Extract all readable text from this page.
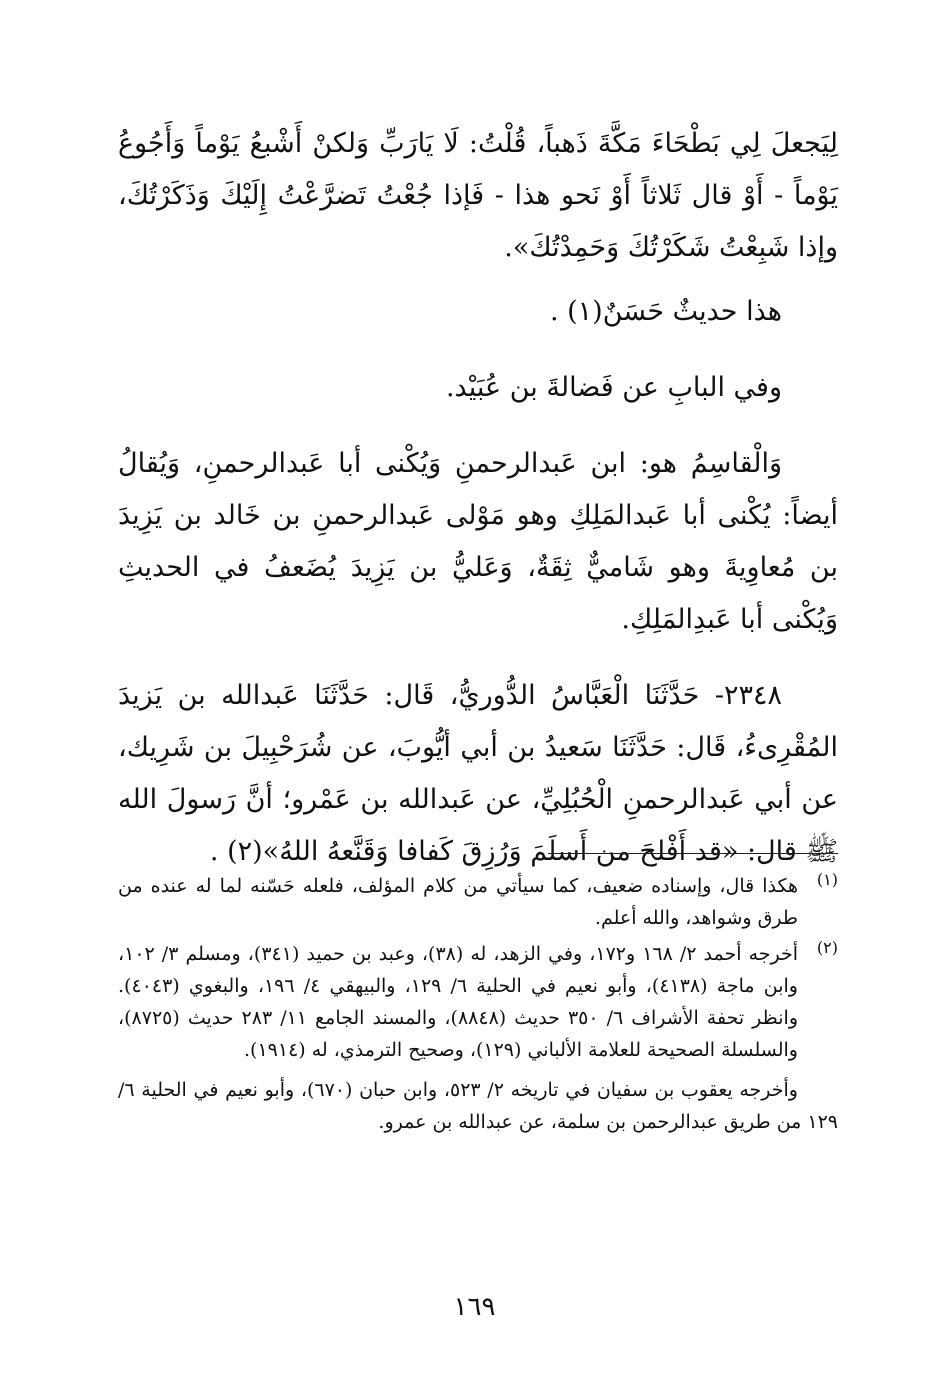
لِيَجعلَ لِي بَطْحَاءَ مَكَّةَ ذَهباً، قُلْتُ: لَا يَارَبِّ وَلكنْ أَشْبعُ يَوْماً وَأَجُوعُ يَوْماً - أَوْ قال ثَلاثاً أَوْ نَحو هذا - فَإذا جُعْتُ تَضرَّعْتُ إِلَيْكَ وَذَكَرْتُكَ، وإذا شَبِعْتُ شَكَرْتُكَ وَحَمِدْتُكَ».

هذا حديثٌ حَسَنٌ(١) .

وفي البابِ عن فَضالةَ بن عُبَيْد.

وَالْقاسِمُ هو: ابن عَبدالرحمنِ وَيُكْنى أبا عَبدالرحمنِ، وَيُقالُ أيضاً: يُكْنى أبا عَبدالمَلِكِ وهو مَوْلى عَبدالرحمنِ بن خَالد بن يَزِيدَ بن مُعاوِيةَ وهو شَاميٌّ ثِقَةٌ، وَعَليُّ بن يَزِيدَ يُضَعفُ في الحديثِ وَيُكْنى أبا عَبدِالمَلِكِ.

٢٣٤٨- حَدَّثَنَا الْعَبَّاسُ الدُّوريُّ، قَال: حَدَّثَنَا عَبدالله بن يَزيدَ المُقْرِىءُ، قَال: حَدَّثَنَا سَعيدُ بن أبي أيُّوبَ، عن شُرَحْبِيلَ بن شَرِيك، عن أبي عَبدالرحمنِ الْحُبُلِيِّ، عن عَبدالله بن عَمْرو؛ أنَّ رَسولَ الله ﷺ قال: «قد أَفْلحَ من أَسلَمَ وَرُزِقَ كَفافا وَقَنَّعهُ اللهُ»(٢) .

(١)
هكذا قال، وإسناده ضعيف، كما سيأتي من كلام المؤلف، فلعله حَسّنه لما له عنده من طرق وشواهد، والله أعلم.
(٢)
أخرجه أحمد ٢/ ١٦٨ و١٧٢، وفي الزهد، له (٣٨)، وعبد بن حميد (٣٤١)، ومسلم ٣/ ١٠٢، وابن ماجة (٤١٣٨)، وأبو نعيم في الحلية ٦/ ١٢٩، والبيهقي ٤/ ١٩٦، والبغوي (٤٠٤٣). وانظر تحفة الأشراف ٦/ ٣٥٠ حديث (٨٨٤٨)، والمسند الجامع ١١/ ٢٨٣ حديث (٨٧٢٥)، والسلسلة الصحيحة للعلامة الألباني (١٢٩)، وصحيح الترمذي، له (١٩١٤).

وأخرجه يعقوب بن سفيان في تاريخه ٢/ ٥٢٣، وابن حبان (٦٧٠)، وأبو نعيم في الحلية ٦/ ١٢٩ من طريق عبدالرحمن بن سلمة، عن عبدالله بن عمرو.

١٦٩
